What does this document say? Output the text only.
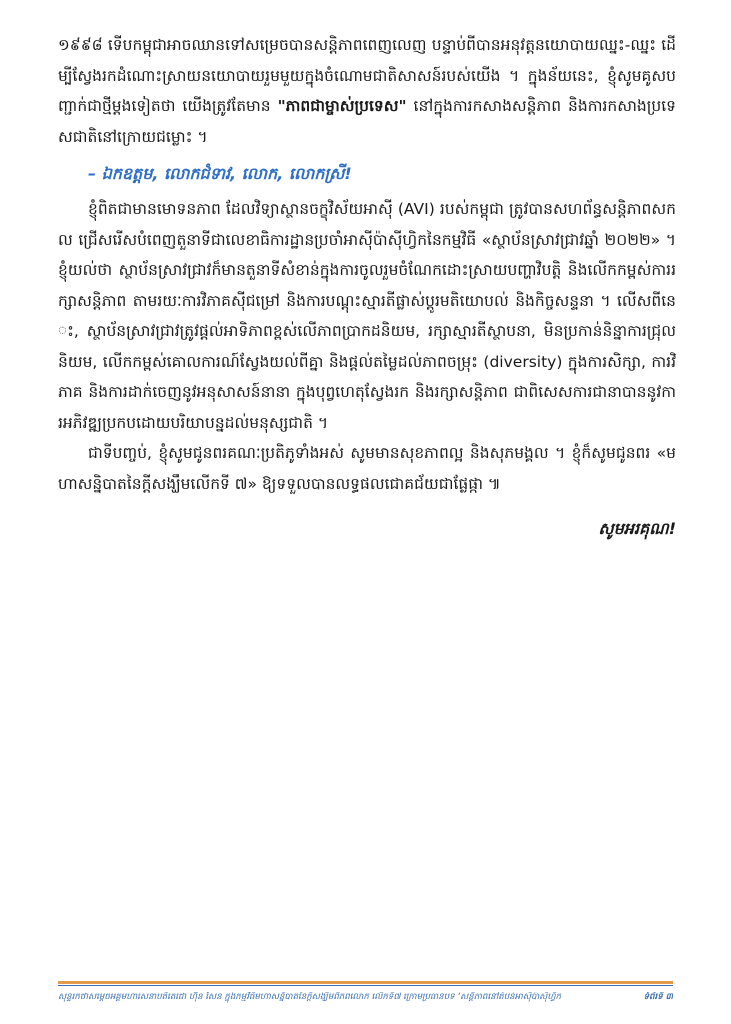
១៩៩៨ ទើបកម្ពុជាអាចឈានទៅសម្រេចបានសន្តិភាពពេញលេញ បន្ទាប់ពីបានអនុវត្តនយោបាយឈ្នះ-ឈ្នះ ដើម្បីស្វែងរកដំណោះស្រាយនយោបាយរួមមួយក្នុងចំណោមជាតិសាសន៍របស់យើង ។ ក្នុងន័យនេះ, ខ្ញុំសូមគូសបញ្ជាក់ជាថ្មីម្តងទៀតថា យើងត្រូវតែមាន "ភាពជាម្ចាស់ប្រទេស" នៅក្នុងការកសាងសន្តិភាព និងការកសាងប្រទេសជាតិនៅក្រោយជម្លោះ ។

– ឯកឧត្តម, លោកជំទាវ, លោក, លោកស្រី!

ខ្ញុំពិតជាមានមោទនភាព ដែលវិទ្យាស្ថានចក្ខុវិស័យអាស៊ី (AVI) របស់កម្ពុជា ត្រូវបានសហព័ន្ធសន្តិភាពសកល ជ្រើសរើសបំពេញតួនាទីជាលេខាធិការដ្ឋានប្រចាំអាស៊ីប៉ាស៊ីហ្វិកនៃកម្មវិធី «ស្ថាប័នស្រាវជ្រាវឆ្នាំ ២០២២» ។ ខ្ញុំយល់ថា ស្ថាប័នស្រាវជ្រាវក៏មានតួនាទីសំខាន់ក្នុងការចូលរួមចំណែកដោះស្រាយបញ្ហាវិបត្តិ និងលើកកម្ពស់ការរក្សាសន្តិភាព តាមរយៈការវិភាគស៊ីជម្រៅ និងការបណ្តុះស្មារតីផ្លាស់ប្តូរមតិយោបល់ និងកិច្ចសន្ទនា ។ លើសពីនេះ, ស្ថាប័នស្រាវជ្រាវត្រូវផ្តល់អាទិភាពខ្ពស់លើភាពប្រាកដនិយម, រក្សាស្មារតីស្ថាបនា, មិនប្រកាន់និន្នាការជ្រុលនិយម, លើកកម្ពស់គោលការណ៍ស្វែងយល់ពីគ្នា និងផ្តល់តម្លៃដល់ភាពចម្រុះ (diversity) ក្នុងការសិក្សា, ការវិភាគ និងការដាក់ចេញនូវអនុសាសន៍នានា ក្នុងបុព្វហេតុស្វែងរក និងរក្សាសន្តិភាព ជាពិសេសការជានាបាននូវការអភិវឌ្ឍប្រកបដោយបរិយាបន្នដល់មនុស្សជាតិ ។

ជាទីបញ្ចប់, ខ្ញុំសូមជូនពរគណៈប្រតិភូទាំងអស់ សូមមានសុខភាពល្អ និងសុភមង្គល ។ ខ្ញុំក៏សូមជូនពរ «មហាសន្និបាតនៃក្តីសង្ឃឹមលើកទី ៧» ឱ្យទទួលបានលទ្ធផលជោគជ័យជាផ្លែផ្កា ៕

សូមអរគុណ!

សុន្ទរកថាសម្តេចអគ្គមហាសេនាបតីតេជោ ហ៊ុន សែន ក្នុងកម្មវិធីមហាសន្និបាតនៃក្តីសង្ឃឹមពិភពលោក លើកទី៧ ក្រោមប្រធានបទ ‘សន្តិភាពនៅតំបន់អាស៊ីប៉ាស៊ីហ្វិក	ទំព័រទី ៣
